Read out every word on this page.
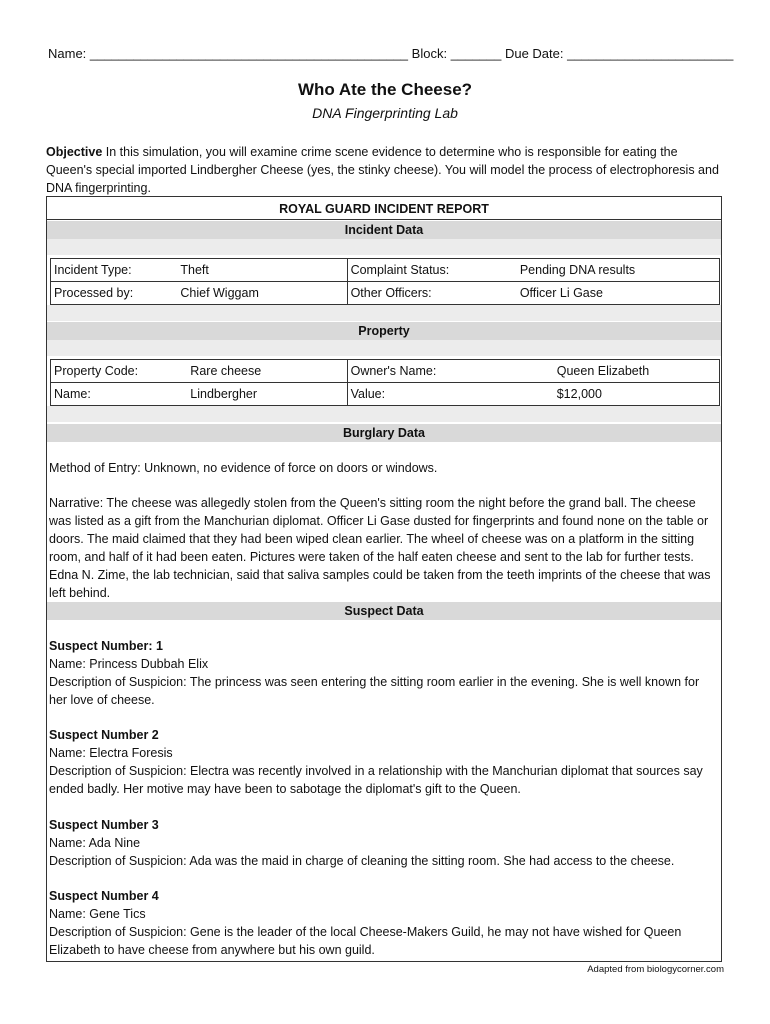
Name: ____________________________________________ Block: _______ Due Date: _______________________
Who Ate the Cheese?
DNA Fingerprinting Lab
Objective In this simulation, you will examine crime scene evidence to determine who is responsible for eating the Queen's special imported Lindbergher Cheese (yes, the stinky cheese). You will model the process of electrophoresis and DNA fingerprinting.
ROYAL GUARD INCIDENT REPORT
Incident Data
Incident Type:	Theft	Complaint Status:	Pending DNA results
Processed by:	Chief Wiggam	Other Officers:	Officer Li Gase
Property
Property Code:	Rare cheese	Owner's Name:	Queen Elizabeth
Name:	Lindbergher	Value:	$12,000
Burglary Data
Method of Entry: Unknown, no evidence of force on doors or windows.
Narrative: The cheese was allegedly stolen from the Queen's sitting room the night before the grand ball. The cheese was listed as a gift from the Manchurian diplomat. Officer Li Gase dusted for fingerprints and found none on the table or doors. The maid claimed that they had been wiped clean earlier. The wheel of cheese was on a platform in the sitting room, and half of it had been eaten. Pictures were taken of the half eaten cheese and sent to the lab for further tests. Edna N. Zime, the lab technician, said that saliva samples could be taken from the teeth imprints of the cheese that was left behind.
Suspect Data
Suspect Number: 1
Name: Princess Dubbah Elix
Description of Suspicion: The princess was seen entering the sitting room earlier in the evening. She is well known for her love of cheese.
Suspect Number 2
Name: Electra Foresis
Description of Suspicion: Electra was recently involved in a relationship with the Manchurian diplomat that sources say ended badly. Her motive may have been to sabotage the diplomat's gift to the Queen.
Suspect Number 3
Name: Ada Nine
Description of Suspicion: Ada was the maid in charge of cleaning the sitting room. She had access to the cheese.
Suspect Number 4
Name: Gene Tics
Description of Suspicion: Gene is the leader of the local Cheese-Makers Guild, he may not have wished for Queen Elizabeth to have cheese from anywhere but his own guild.
Adapted from biologycorner.com
